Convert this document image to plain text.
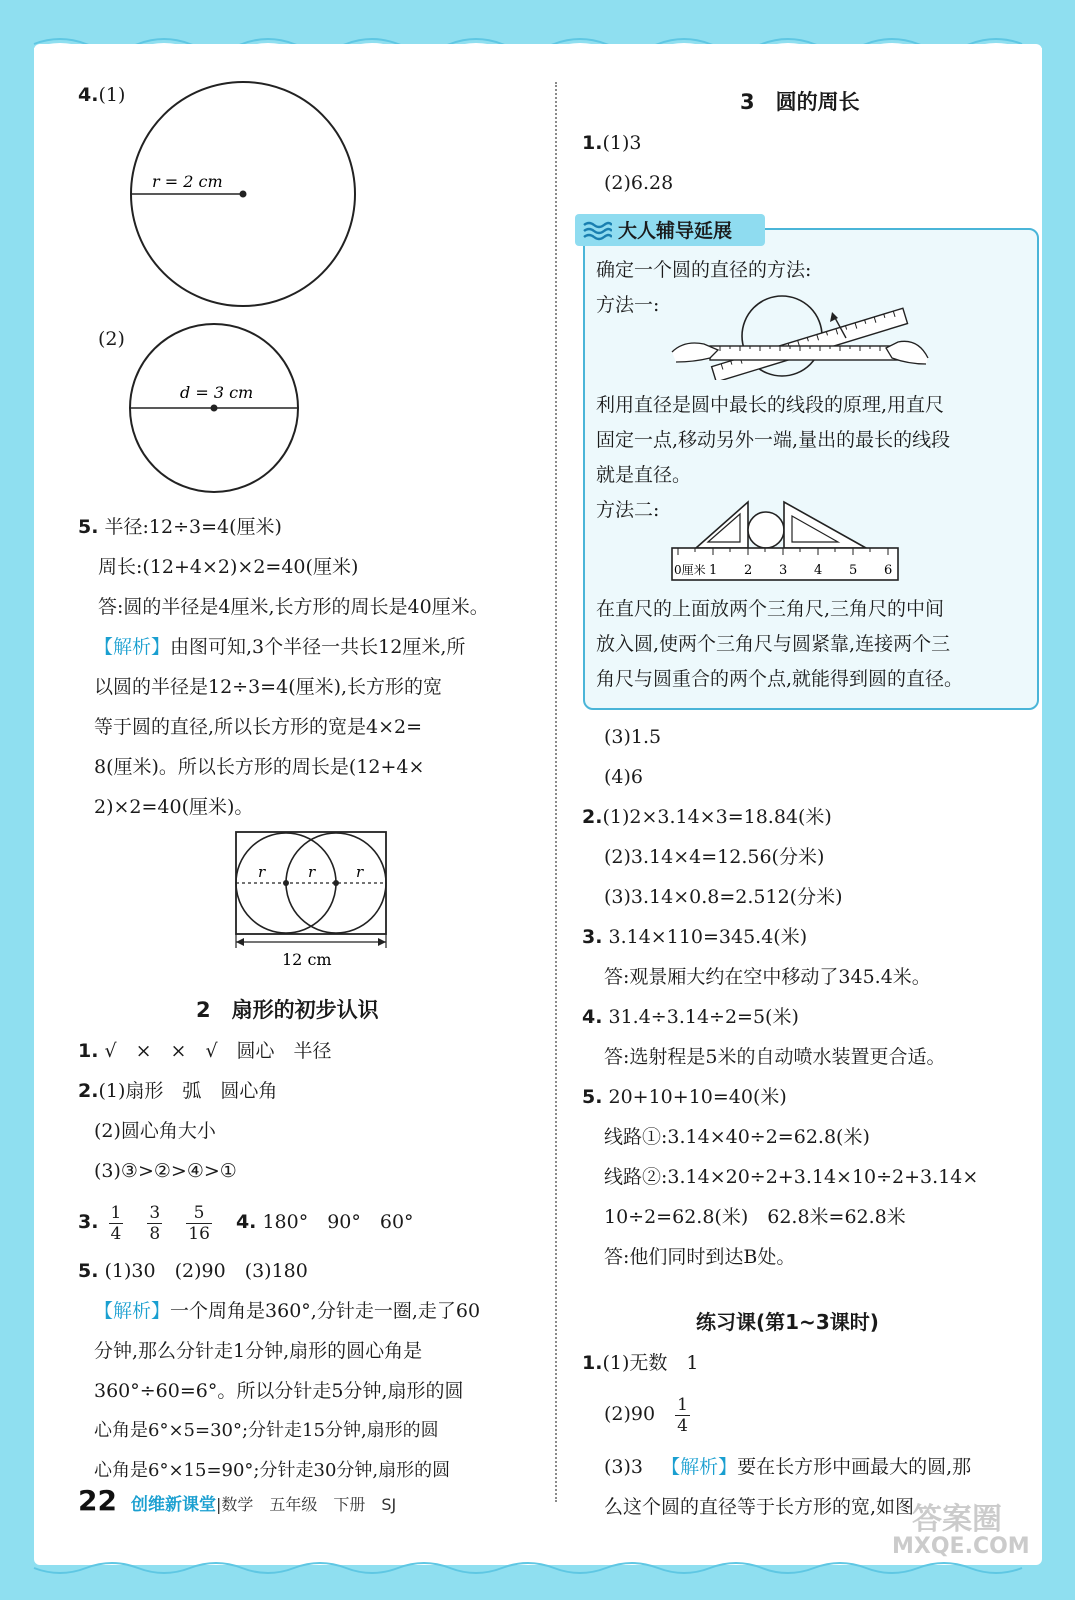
4.(1)
r = 2 cm
(2)
d = 3 cm
5. 半径:12÷3=4(厘米)
周长:(12+4×2)×2=40(厘米)
答:圆的半径是4厘米,长方形的周长是40厘米。
【解析】由图可知,3个半径一共长12厘米,所
以圆的半径是12÷3=4(厘米),长方形的宽
等于圆的直径,所以长方形的宽是4×2=
8(厘米)。所以长方形的周长是(12+4×
2)×2=40(厘米)。
r	r	r
12 cm
2　扇形的初步认识
1. √　×　×　√　圆心　半径
2.(1)扇形　弧　圆心角
(2)圆心角大小
(3)③>②>④>①
3. $\frac{1}{4}$
$\frac{3}{8}$
$\frac{5}{16} 4$. 180°　90°　60°
5. (1)30　(2)90　(3)180
【解析】一个周角是360°,分针走一圈,走了60
分钟,那么分针走1分钟,扇形的圆心角是
360°÷60=6°。所以分针走5分钟,扇形的圆
心角是6°×5=30°;分针走15分钟,扇形的圆
心角是6°×15=90°;分针走30分钟,扇形的圆
3　圆的周长
1.(1)3
(2)6.28
大人辅导延展
确定一个圆的直径的方法:
方法一:
利用直径是圆中最长的线段的原理,用直尺
固定一点,移动另外一端,量出的最长的线段
就是直径。
方法二:
0厘米 1 2 3 4 5 6
在直尺的上面放两个三角尺,三角尺的中间
放入圆,使两个三角尺与圆紧靠,连接两个三
角尺与圆重合的两个点,就能得到圆的直径。
(3)1.5
(4)6
2.(1)2×3.14×3=18.84(米)
(2)3.14×4=12.56(分米)
(3)3.14×0.8=2.512(分米)
3. 3.14×110=345.4(米)
答:观景厢大约在空中移动了345.4米。
4. 31.4÷3.14÷2=5(米)
答:选射程是5米的自动喷水装置更合适。
5. 20+10+10=40(米)
线路①:3.14×40÷2=62.8(米)
线路②:3.14×20÷2+3.14×10÷2+3.14×
10÷2=62.8(米)　62.8米=62.8米
答:他们同时到达B处。
练习课(第1~3课时)
1.(1)无数　1
$(2)90 \frac{1}{4}$
(3)3 【解析】要在长方形中画最大的圆,那
么这个圆的直径等于长方形的宽,如图
22 创维新课堂|数学　五年级　下册　SJ	答案圈
MXQE.COM
